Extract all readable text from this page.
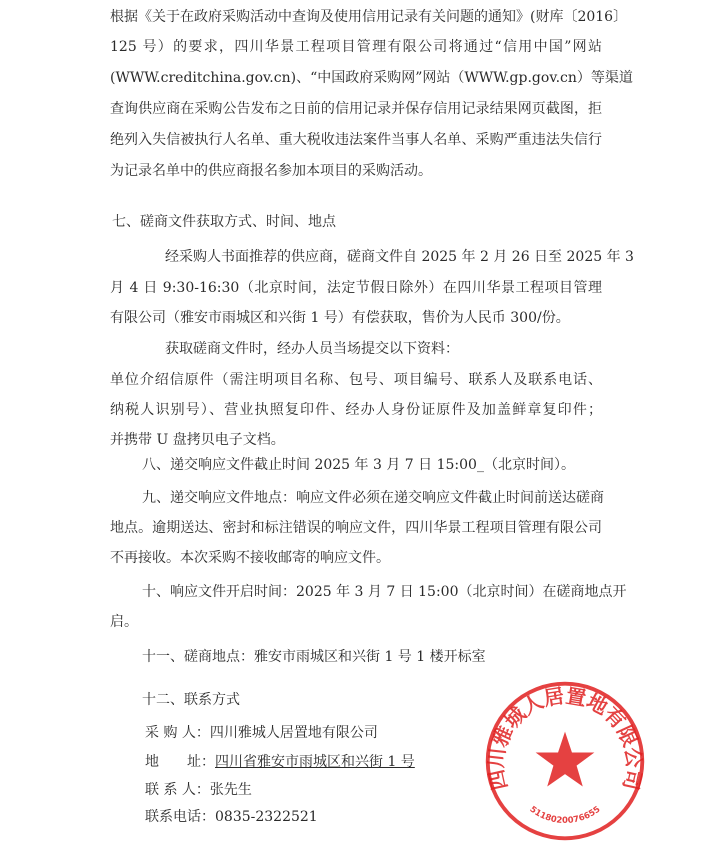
根据《关于在政府采购活动中查询及使用信用记录有关问题的通知》(财库〔2016〕
125 号）的要求，四川华景工程项目管理有限公司将通过“信用中国”网站
(WWW.creditchina.gov.cn)、“中国政府采购网”网站（WWW.gp.gov.cn）等渠道
查询供应商在采购公告发布之日前的信用记录并保存信用记录结果网页截图，拒
绝列入失信被执行人名单、重大税收违法案件当事人名单、采购严重违法失信行
为记录名单中的供应商报名参加本项目的采购活动。
七、磋商文件获取方式、时间、地点
经采购人书面推荐的供应商，磋商文件自 2025 年 2 月 26 日至 2025 年 3
月 4 日 9:30-16:30（北京时间，法定节假日除外）在四川华景工程项目管理
有限公司（雅安市雨城区和兴街 1 号）有偿获取，售价为人民币 300/份。
获取磋商文件时，经办人员当场提交以下资料：
单位介绍信原件（需注明项目名称、包号、项目编号、联系人及联系电话、
纳税人识别号）、营业执照复印件、经办人身份证原件及加盖鲜章复印件；
并携带 U 盘拷贝电子文档。
八、递交响应文件截止时间 2025 年 3 月 7 日 15:00_（北京时间）。
九、递交响应文件地点：响应文件必须在递交响应文件截止时间前送达磋商
地点。逾期送达、密封和标注错误的响应文件，四川华景工程项目管理有限公司
不再接收。本次采购不接收邮寄的响应文件。
十、响应文件开启时间：2025 年 3 月 7 日 15:00（北京时间）在磋商地点开
启。
十一、磋商地点：雅安市雨城区和兴街 1 号 1 楼开标室
十二、联系方式
采 购 人：四川雅城人居置地有限公司
地　　址：四川省雅安市雨城区和兴街 1 号
联 系 人：张先生
联系电话：0835-2322521
四川雅城人居置地有限公司
5118020076655
